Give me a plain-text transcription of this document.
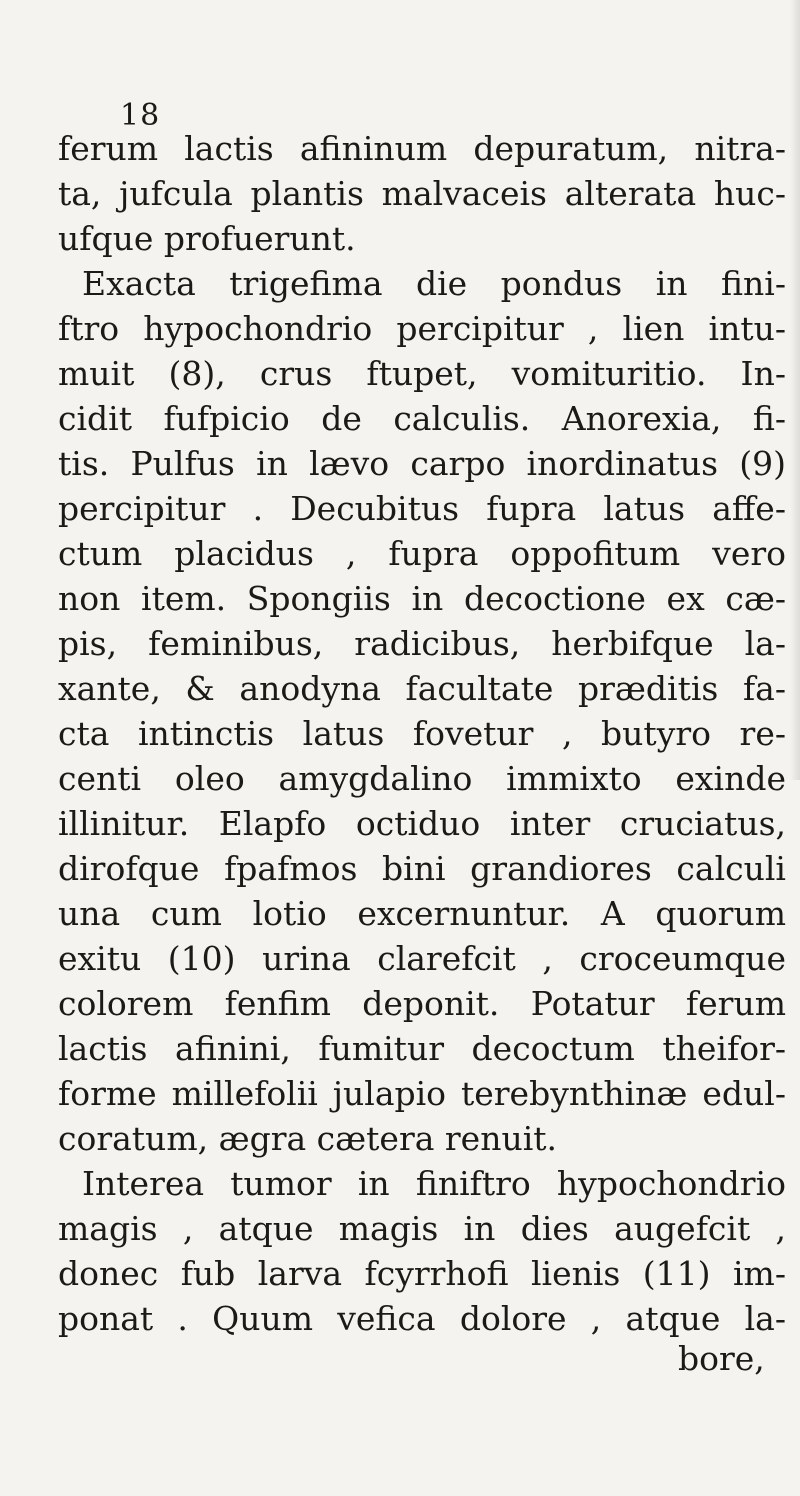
18

ferum lactis afininum depuratum, nitra-
ta, jufcula plantis malvaceis alterata huc-
ufque profuerunt.
Exacta trigefima die pondus in fini-
ftro hypochondrio percipitur , lien intu-
muit (8), crus ftupet, vomituritio. In-
cidit fufpicio de calculis. Anorexia, fi-
tis. Pulfus in lævo carpo inordinatus (9)
percipitur . Decubitus fupra latus affe-
ctum placidus , fupra oppofitum vero
non item. Spongiis in decoctione ex cæ-
pis, feminibus, radicibus, herbifque la-
xante, & anodyna facultate præditis fa-
cta intinctis latus fovetur , butyro re-
centi oleo amygdalino immixto exinde
illinitur. Elapfo octiduo inter cruciatus,
dirofque fpafmos bini grandiores calculi
una cum lotio excernuntur. A quorum
exitu (10) urina clarefcit , croceumque
colorem fenfim deponit. Potatur ferum
lactis afinini, fumitur decoctum theifor-
forme millefolii julapio terebynthinæ edul-
coratum, ægra cætera renuit.
Interea tumor in finiftro hypochondrio
magis , atque magis in dies augefcit ,
donec fub larva fcyrrhofi lienis (11) im-
ponat . Quum vefica dolore , atque la-
bore,
